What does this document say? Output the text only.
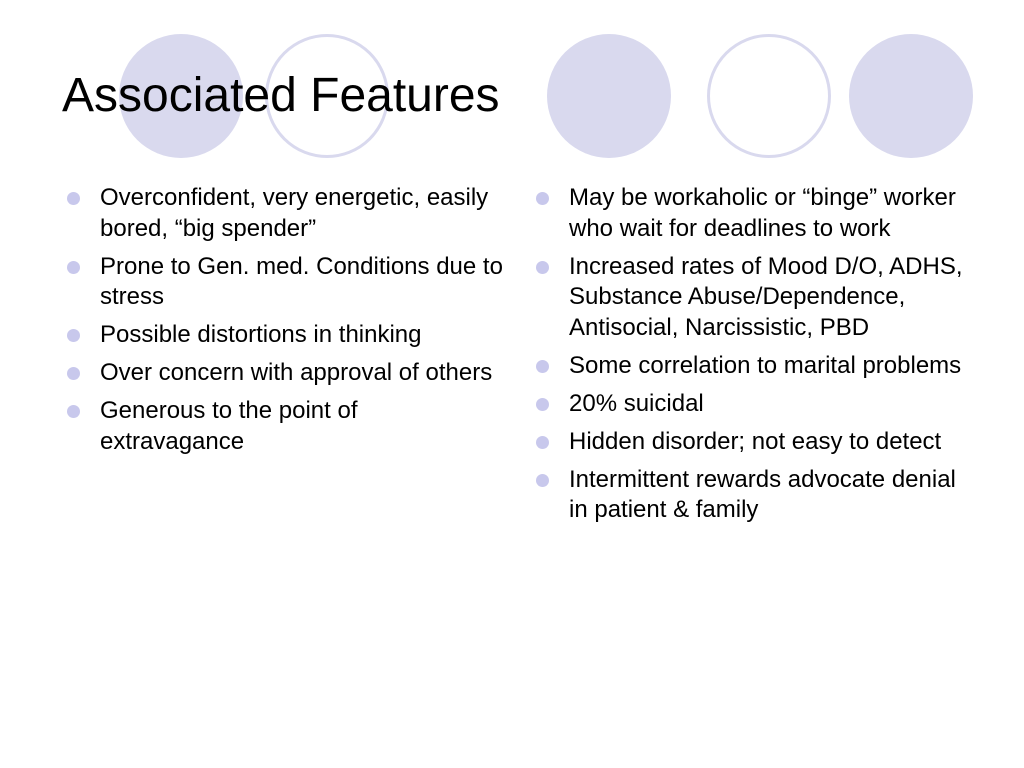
Associated Features
Overconfident, very energetic, easily bored, “big spender”
Prone to Gen. med. Conditions due to stress
Possible distortions in thinking
Over concern with approval of others
Generous to the point of extravagance
May be workaholic or “binge” worker who wait for deadlines to work
Increased rates of Mood D/O, ADHS, Substance Abuse/Dependence, Antisocial, Narcissistic, PBD
Some correlation to marital problems
20% suicidal
Hidden disorder; not easy to detect
Intermittent rewards advocate denial in patient & family
